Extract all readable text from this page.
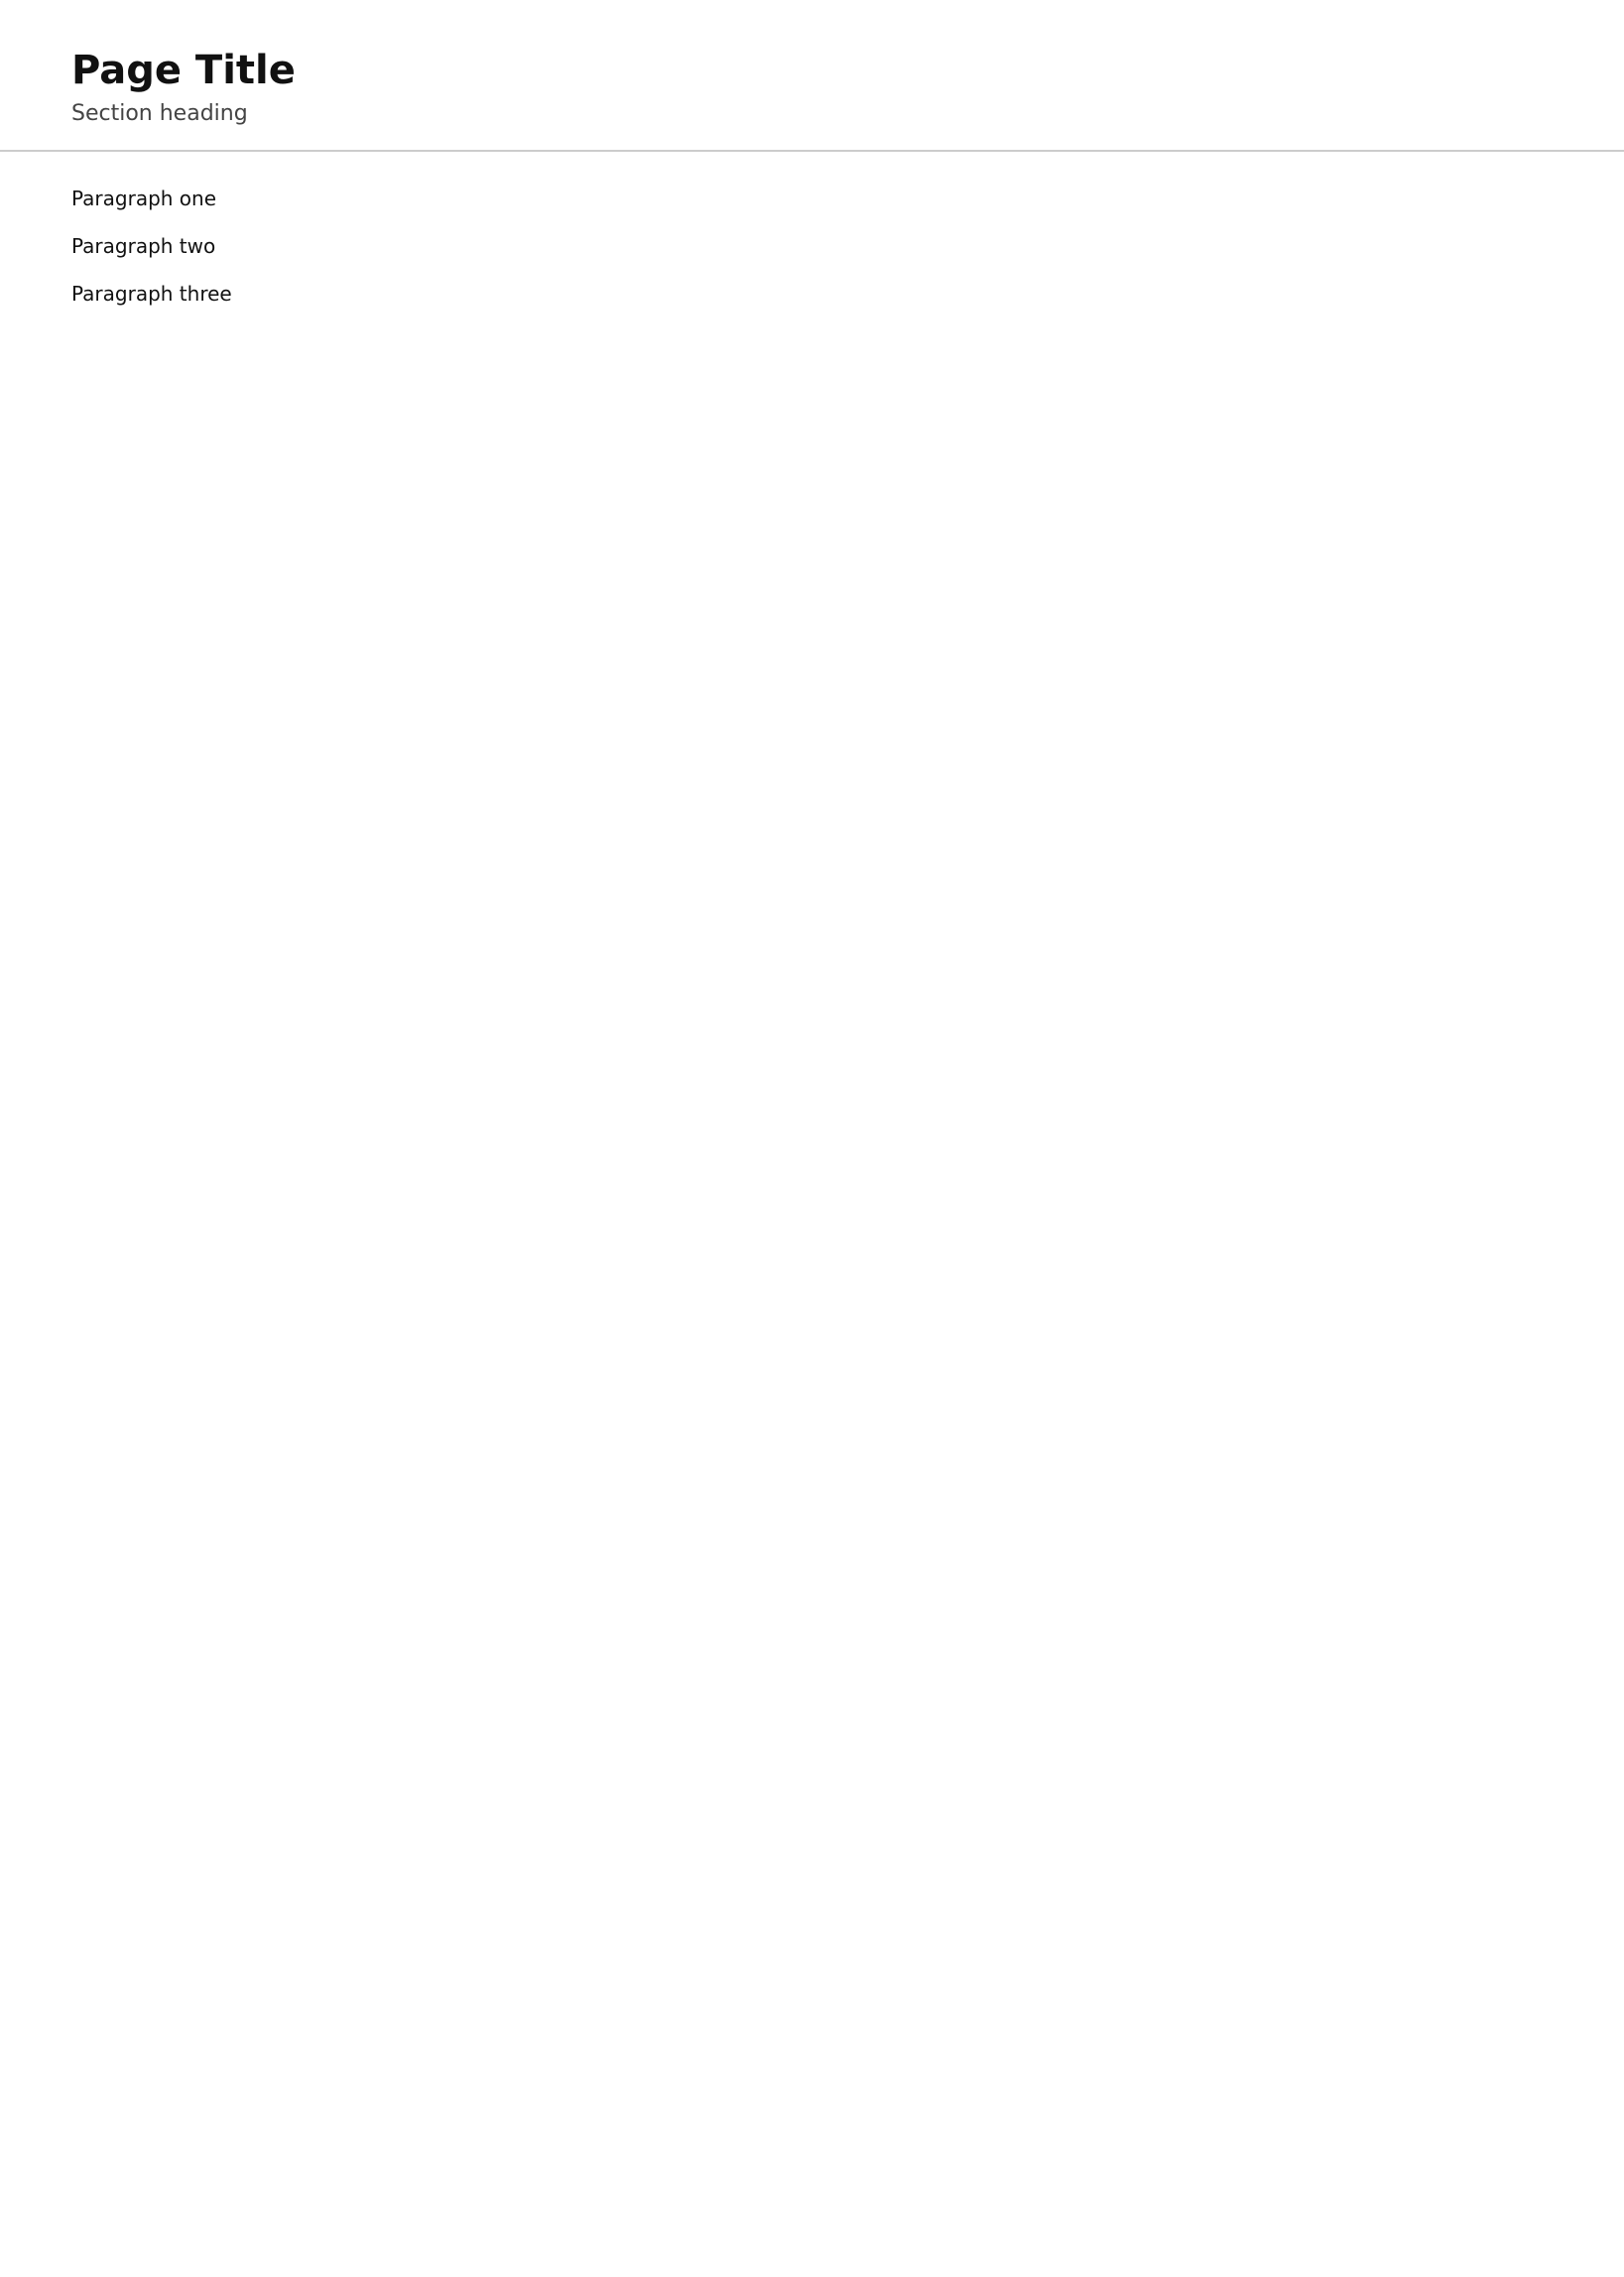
Page Title

Section heading

Paragraph one

Paragraph two

Paragraph three
